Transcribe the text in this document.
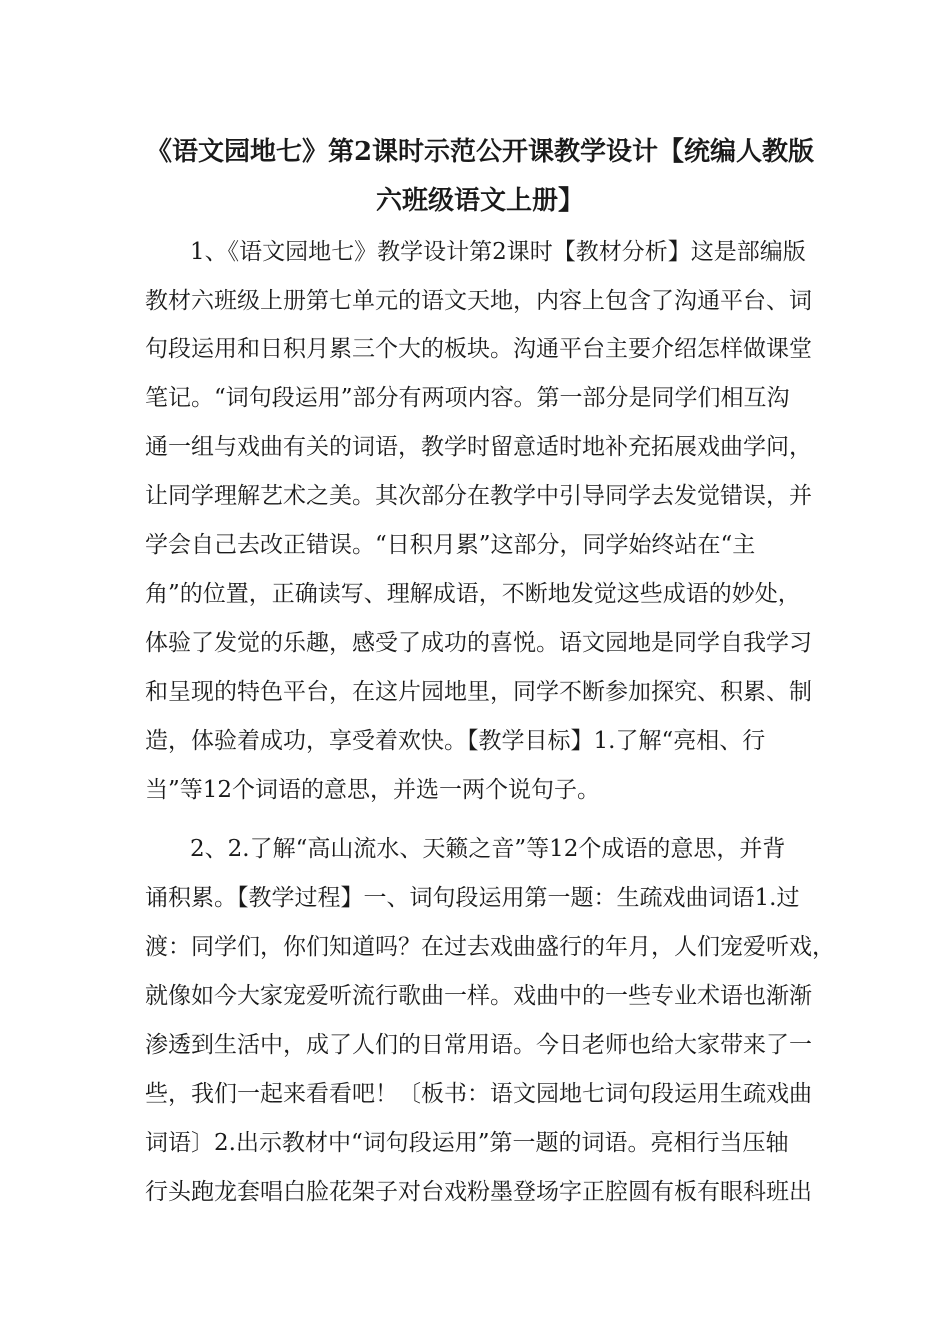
《语文园地七》第2课时示范公开课教学设计【统编人教版
六班级语文上册】
1、《语文园地七》教学设计第2课时【教材分析】这是部编版
教材六班级上册第七单元的语文天地，内容上包含了沟通平台、词
句段运用和日积月累三个大的板块。沟通平台主要介绍怎样做课堂
笔记。“词句段运用”部分有两项内容。第一部分是同学们相互沟
通一组与戏曲有关的词语，教学时留意适时地补充拓展戏曲学问，
让同学理解艺术之美。其次部分在教学中引导同学去发觉错误，并
学会自己去改正错误。“日积月累”这部分，同学始终站在“主
角”的位置，正确读写、理解成语，不断地发觉这些成语的妙处，
体验了发觉的乐趣，感受了成功的喜悦。语文园地是同学自我学习
和呈现的特色平台，在这片园地里，同学不断参加探究、积累、制
造，体验着成功，享受着欢快。【教学目标】1.了解“亮相、行
当”等12个词语的意思，并选一两个说句子。
2、2.了解“高山流水、天籁之音”等12个成语的意思，并背
诵积累。【教学过程】一、词句段运用第一题：生疏戏曲词语1.过
渡：同学们，你们知道吗？在过去戏曲盛行的年月，人们宠爱听戏，
就像如今大家宠爱听流行歌曲一样。戏曲中的一些专业术语也渐渐
渗透到生活中，成了人们的日常用语。今日老师也给大家带来了一
些，我们一起来看看吧！〔板书：语文园地七词句段运用生疏戏曲
词语〕2.出示教材中“词句段运用”第一题的词语。亮相行当压轴
行头跑龙套唱白脸花架子对台戏粉墨登场字正腔圆有板有眼科班出
